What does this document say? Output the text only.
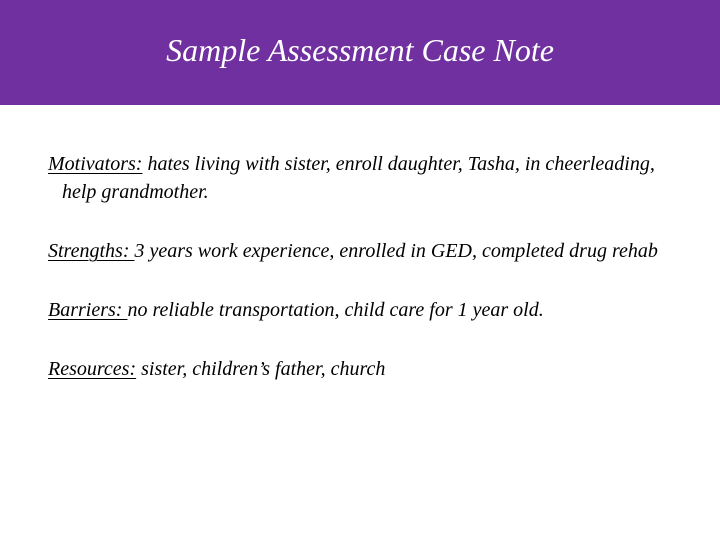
Sample Assessment Case Note

Motivators: hates living with sister, enroll daughter, Tasha, in cheerleading, help grandmother.

Strengths: 3 years work experience, enrolled in GED, completed drug rehab

Barriers: no reliable transportation, child care for 1 year old.

Resources: sister, children’s father, church
